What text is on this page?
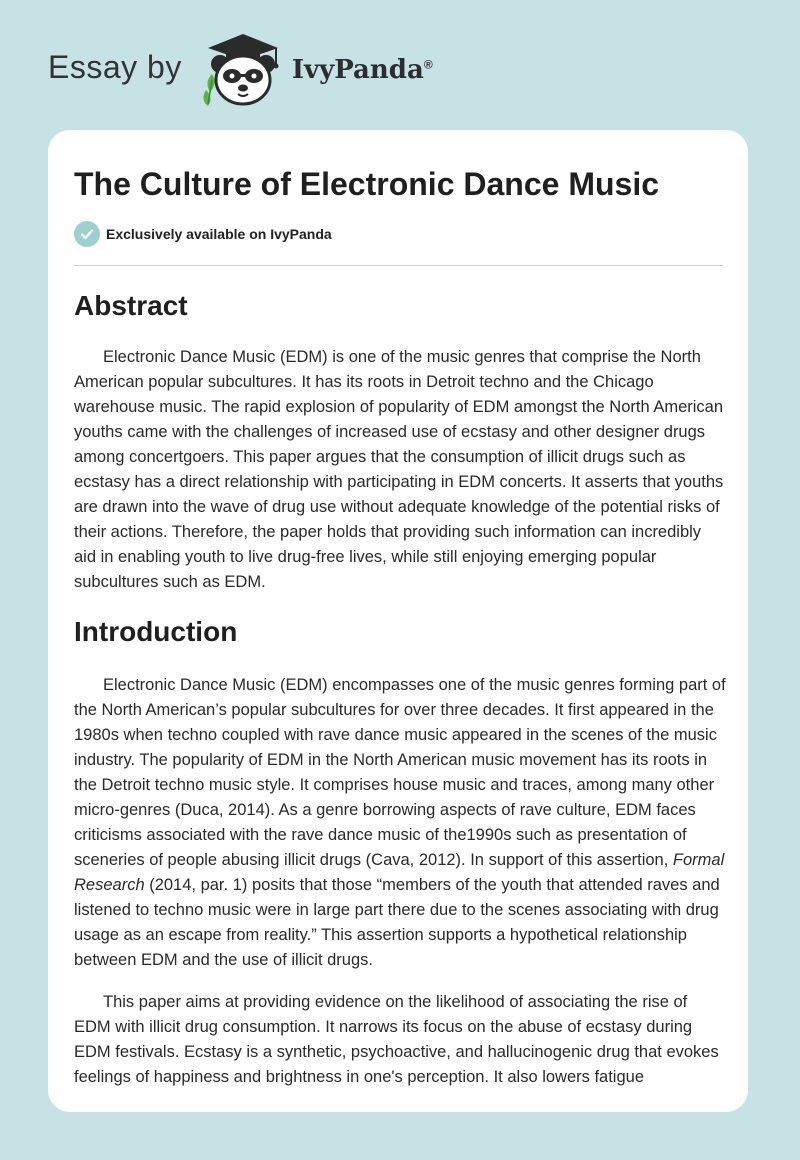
Essay by	IvyPanda®
The Culture of Electronic Dance Music
Exclusively available on IvyPanda
Abstract

Electronic Dance Music (EDM) is one of the music genres that comprise the North American popular subcultures. It has its roots in Detroit techno and the Chicago warehouse music. The rapid explosion of popularity of EDM amongst the North American youths came with the challenges of increased use of ecstasy and other designer drugs among concertgoers. This paper argues that the consumption of illicit drugs such as ecstasy has a direct relationship with participating in EDM concerts. It asserts that youths are drawn into the wave of drug use without adequate knowledge of the potential risks of their actions. Therefore, the paper holds that providing such information can incredibly aid in enabling youth to live drug-free lives, while still enjoying emerging popular subcultures such as EDM.

Introduction

Electronic Dance Music (EDM) encompasses one of the music genres forming part of the North American’s popular subcultures for over three decades. It first appeared in the 1980s when techno coupled with rave dance music appeared in the scenes of the music industry. The popularity of EDM in the North American music movement has its roots in the Detroit techno music style. It comprises house music and traces, among many other micro-genres (Duca, 2014). As a genre borrowing aspects of rave culture, EDM faces criticisms associated with the rave dance music of the1990s such as presentation of sceneries of people abusing illicit drugs (Cava, 2012). In support of this assertion, Formal Research (2014, par. 1) posits that those “members of the youth that attended raves and listened to techno music were in large part there due to the scenes associating with drug usage as an escape from reality.” This assertion supports a hypothetical relationship between EDM and the use of illicit drugs.

This paper aims at providing evidence on the likelihood of associating the rise of EDM with illicit drug consumption. It narrows its focus on the abuse of ecstasy during EDM festivals. Ecstasy is a synthetic, psychoactive, and hallucinogenic drug that evokes feelings of happiness and brightness in one's perception. It also lowers fatigue
